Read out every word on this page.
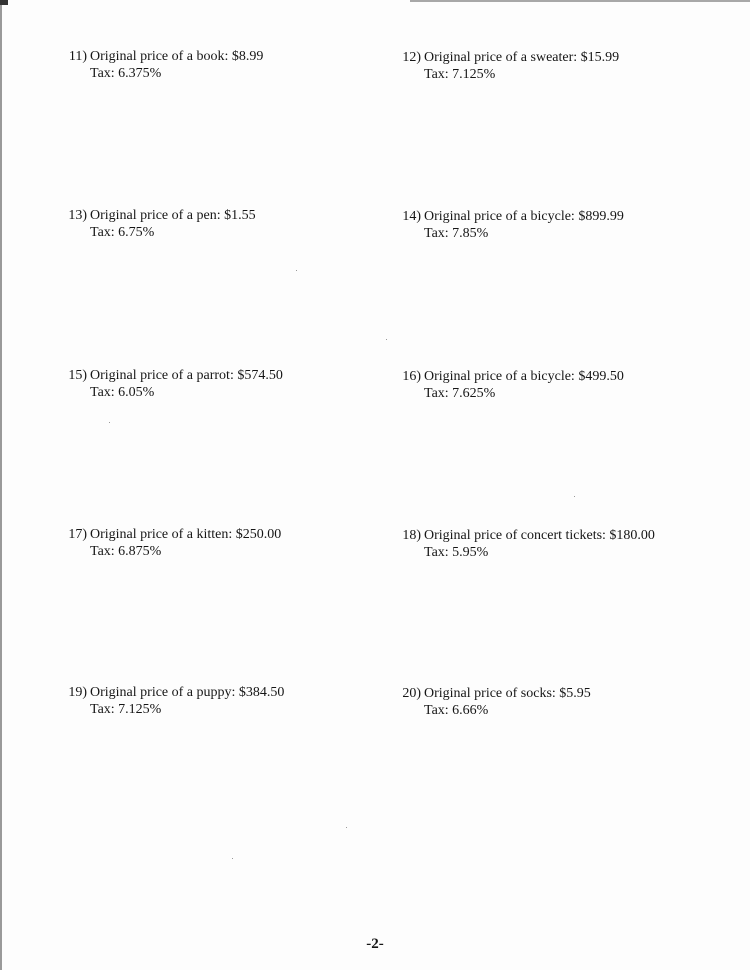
11) Original price of a book: $8.99
Tax: 6.375%
12) Original price of a sweater: $15.99
Tax: 7.125%
13) Original price of a pen: $1.55
Tax: 6.75%
14) Original price of a bicycle: $899.99
Tax: 7.85%
15) Original price of a parrot: $574.50
Tax: 6.05%
16) Original price of a bicycle: $499.50
Tax: 7.625%
17) Original price of a kitten: $250.00
Tax: 6.875%
18) Original price of concert tickets: $180.00
Tax: 5.95%
19) Original price of a puppy: $384.50
Tax: 7.125%
20) Original price of socks: $5.95
Tax: 6.66%
-2-
